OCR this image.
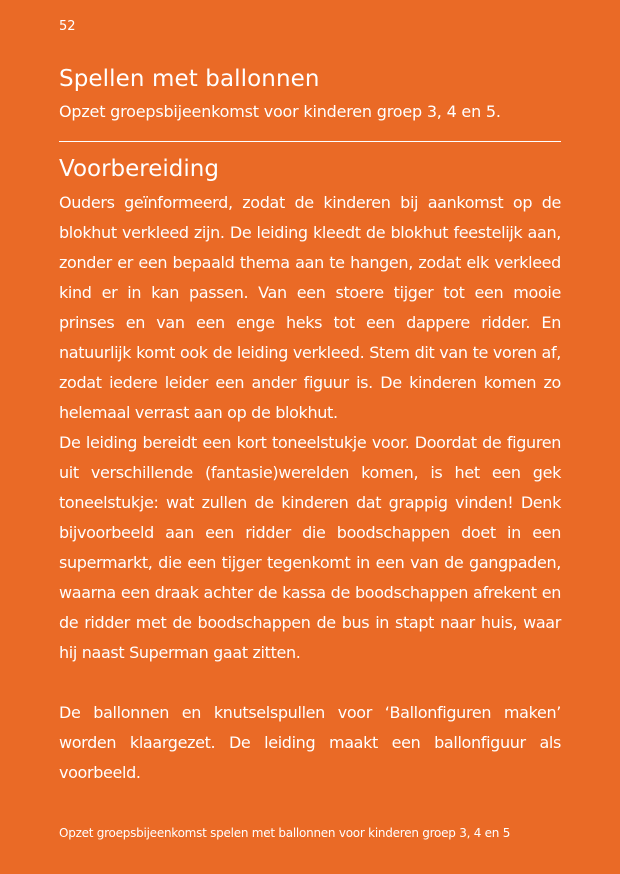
52
Spellen met ballonnen

Opzet groepsbijeenkomst voor kinderen groep 3, 4 en 5.

Voorbereiding

Ouders geïnformeerd, zodat de kinderen bij aankomst op de blokhut verkleed zijn. De leiding kleedt de blokhut feestelijk aan, zonder er een bepaald thema aan te hangen, zodat elk verkleed kind er in kan passen. Van een stoere tijger tot een mooie prinses en van een enge heks tot een dappere ridder. En natuurlijk komt ook de leiding verkleed. Stem dit van te voren af, zodat iedere leider een ander figuur is. De kinderen komen zo helemaal verrast aan op de blokhut.

De leiding bereidt een kort toneelstukje voor. Doordat de figuren uit verschillende (fantasie)werelden komen, is het een gek toneelstukje: wat zullen de kinderen dat grappig vinden! Denk bijvoorbeeld aan een ridder die boodschappen doet in een supermarkt, die een tijger tegenkomt in een van de gangpaden, waarna een draak achter de kassa de boodschappen afrekent en de ridder met de boodschappen de bus in stapt naar huis, waar hij naast Superman gaat zitten.

De ballonnen en knutselspullen voor ‘Ballonfiguren maken’ worden klaargezet. De leiding maakt een ballonfiguur als voorbeeld.

Opzet groepsbijeenkomst spelen met ballonnen voor kinderen groep 3, 4 en 5
